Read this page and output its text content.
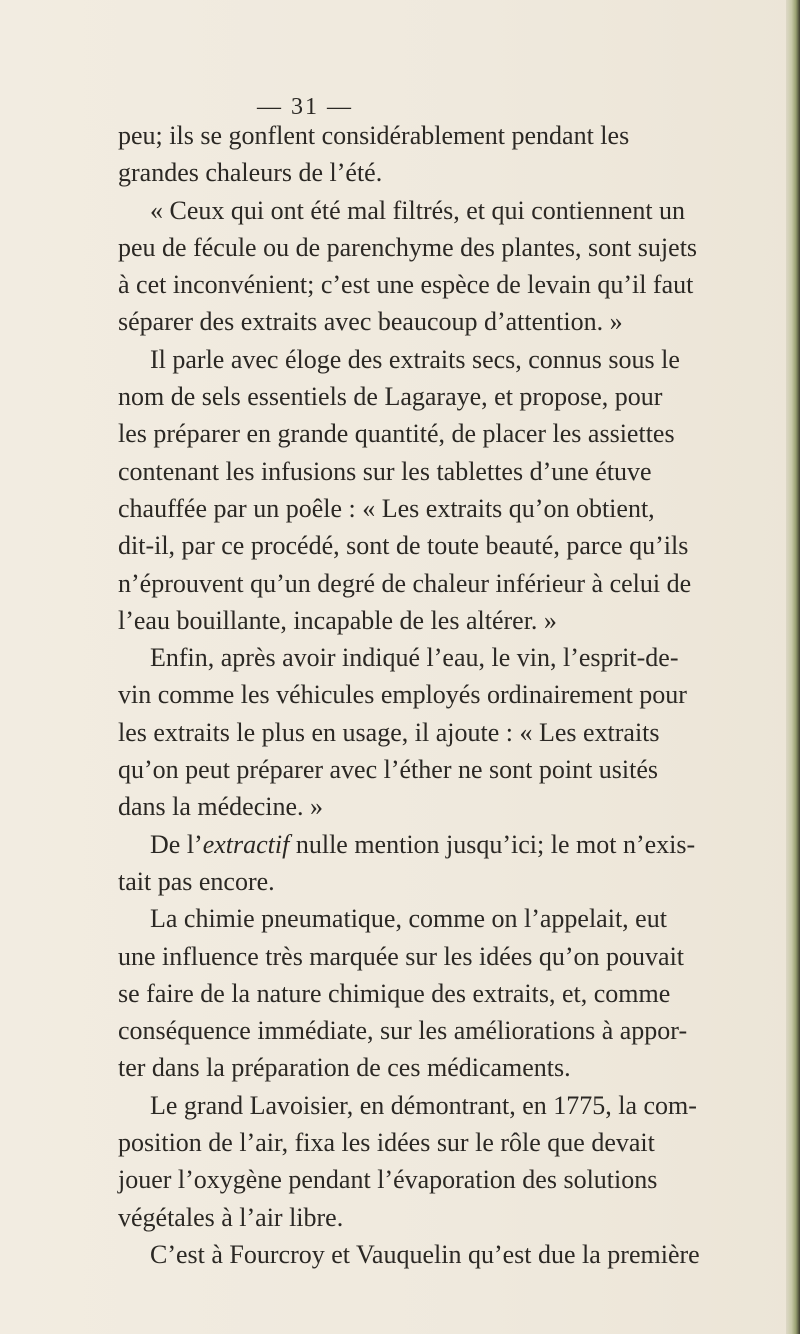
— 31 —
peu; ils se gonflent considérablement pendant les
grandes chaleurs de l’été.
« Ceux qui ont été mal filtrés, et qui contiennent un
peu de fécule ou de parenchyme des plantes, sont sujets
à cet inconvénient; c’est une espèce de levain qu’il faut
séparer des extraits avec beaucoup d’attention. »
Il parle avec éloge des extraits secs, connus sous le
nom de sels essentiels de Lagaraye, et propose, pour
les préparer en grande quantité, de placer les assiettes
contenant les infusions sur les tablettes d’une étuve
chauffée par un poêle : « Les extraits qu’on obtient,
dit-il, par ce procédé, sont de toute beauté, parce qu’ils
n’éprouvent qu’un degré de chaleur inférieur à celui de
l’eau bouillante, incapable de les altérer. »
Enfin, après avoir indiqué l’eau, le vin, l’esprit-de-
vin comme les véhicules employés ordinairement pour
les extraits le plus en usage, il ajoute : « Les extraits
qu’on peut préparer avec l’éther ne sont point usités
dans la médecine. »
De l’extractif nulle mention jusqu’ici; le mot n’exis-
tait pas encore.
La chimie pneumatique, comme on l’appelait, eut
une influence très marquée sur les idées qu’on pouvait
se faire de la nature chimique des extraits, et, comme
conséquence immédiate, sur les améliorations à appor-
ter dans la préparation de ces médicaments.
Le grand Lavoisier, en démontrant, en 1775, la com-
position de l’air, fixa les idées sur le rôle que devait
jouer l’oxygène pendant l’évaporation des solutions
végétales à l’air libre.
C’est à Fourcroy et Vauquelin qu’est due la première
